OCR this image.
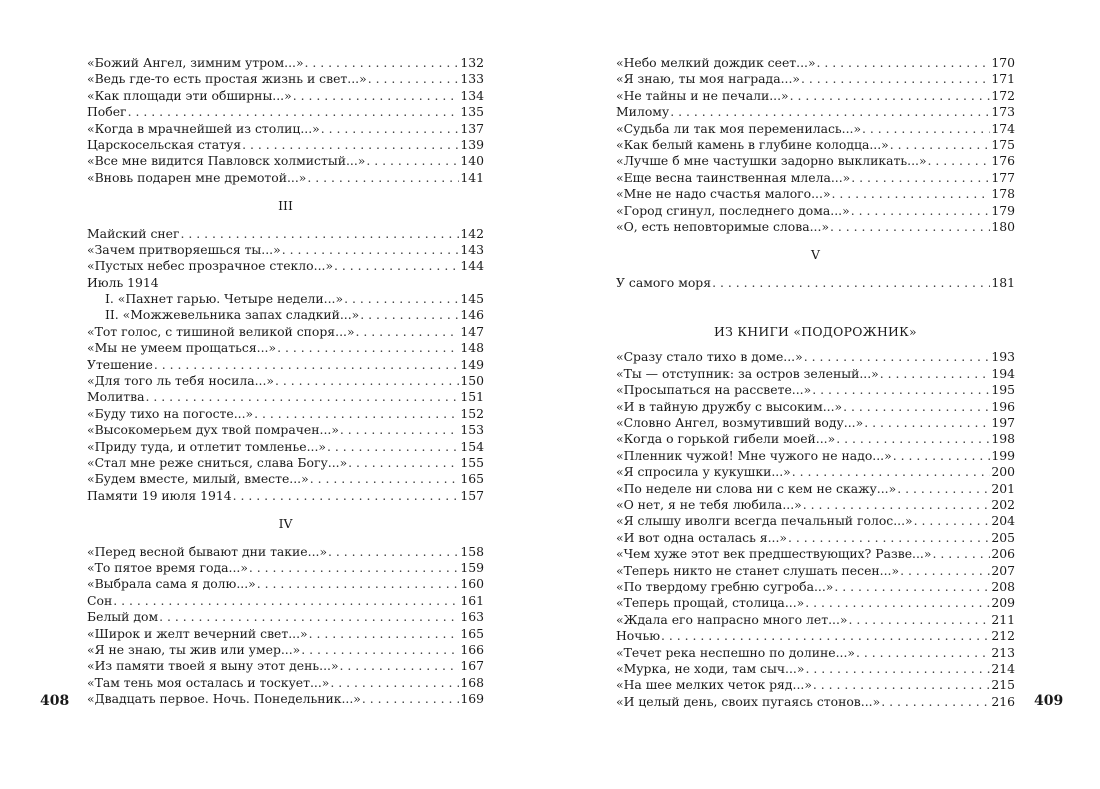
«Божий Ангел, зимним утром...» . . .	132
«Ведь где-то есть простая жизнь и свет...» . . .	133
«Как площади эти обширны...» . . .	134
Побег . . .	135
«Когда в мрачнейшей из столиц...» . . .	137
Царскосельская статуя . . .	139
«Все мне видится Павловск холмистый...» . . .	140
«Вновь подарен мне дремотой...» . . .	141
III
Майский снег . . .	142
«Зачем притворяешься ты...» . . .	143
«Пустых небес прозрачное стекло...» . . .	144
Июль 1914
I. «Пахнет гарью. Четыре недели...» . . .	145
II. «Можжевельника запах сладкий...» . . .	146
«Тот голос, с тишиной великой споря...» . . .	147
«Мы не умеем прощаться...» . . .	148
Утешение . . .	149
«Для того ль тебя носила...» . . .	150
Молитва . . .	151
«Буду тихо на погосте...» . . .	152
«Высокомерьем дух твой помрачен...» . . .	153
«Приду туда, и отлетит томленье...» . . .	154
«Стал мне реже сниться, слава Богу...» . . .	155
«Будем вместе, милый, вместе...» . . .	165
Памяти 19 июля 1914 . . .	157
IV
«Перед весной бывают дни такие...» . . .	158
«То пятое время года...» . . .	159
«Выбрала сама я долю...» . . .	160
Сон . . .	161
Белый дом . . .	163
«Широк и желт вечерний свет...» . . .	165
«Я не знаю, ты жив или умер...» . . .	166
«Из памяти твоей я выну этот день...» . . .	167
«Там тень моя осталась и тоскует...» . . .	168
«Двадцать первое. Ночь. Понедельник...» . . .	169
«Небо мелкий дождик сеет...» . . .	170
«Я знаю, ты моя награда...» . . .	171
«Не тайны и не печали...» . . .	172
Милому . . .	173
«Судьба ли так моя переменилась...» . . .	174
«Как белый камень в глубине колодца...» . . .	175
«Лучше б мне частушки задорно выкликать...» . . .	176
«Еще весна таинственная млела...» . . .	177
«Мне не надо счастья малого...» . . .	178
«Город сгинул, последнего дома...» . . .	179
«О, есть неповторимые слова...» . . .	180
V
У самого моря . . .	181
ИЗ КНИГИ «ПОДОРОЖНИК»
«Сразу стало тихо в доме...» . . .	193
«Ты — отступник: за остров зеленый...» . . .	194
«Просыпаться на рассвете...» . . .	195
«И в тайную дружбу с высоким...» . . .	196
«Словно Ангел, возмутивший воду...» . . .	197
«Когда о горькой гибели моей...» . . .	198
«Пленник чужой! Мне чужого не надо...» . . .	199
«Я спросила у кукушки...» . . .	200
«По неделе ни слова ни с кем не скажу...» . . .	201
«О нет, я не тебя любила...» . . .	202
«Я слышу иволги всегда печальный голос...» . . .	204
«И вот одна осталась я...» . . .	205
«Чем хуже этот век предшествующих? Разве...» . . .	206
«Теперь никто не станет слушать песен...» . . .	207
«По твердому гребню сугроба...» . . .	208
«Теперь прощай, столица...» . . .	209
«Ждала его напрасно много лет...» . . .	211
Ночью . . .	212
«Течет река неспешно по долине...» . . .	213
«Мурка, не ходи, там сыч...» . . .	214
«На шее мелких четок ряд...» . . .	215
«И целый день, своих пугаясь стонов...» . . .	216
408	409
